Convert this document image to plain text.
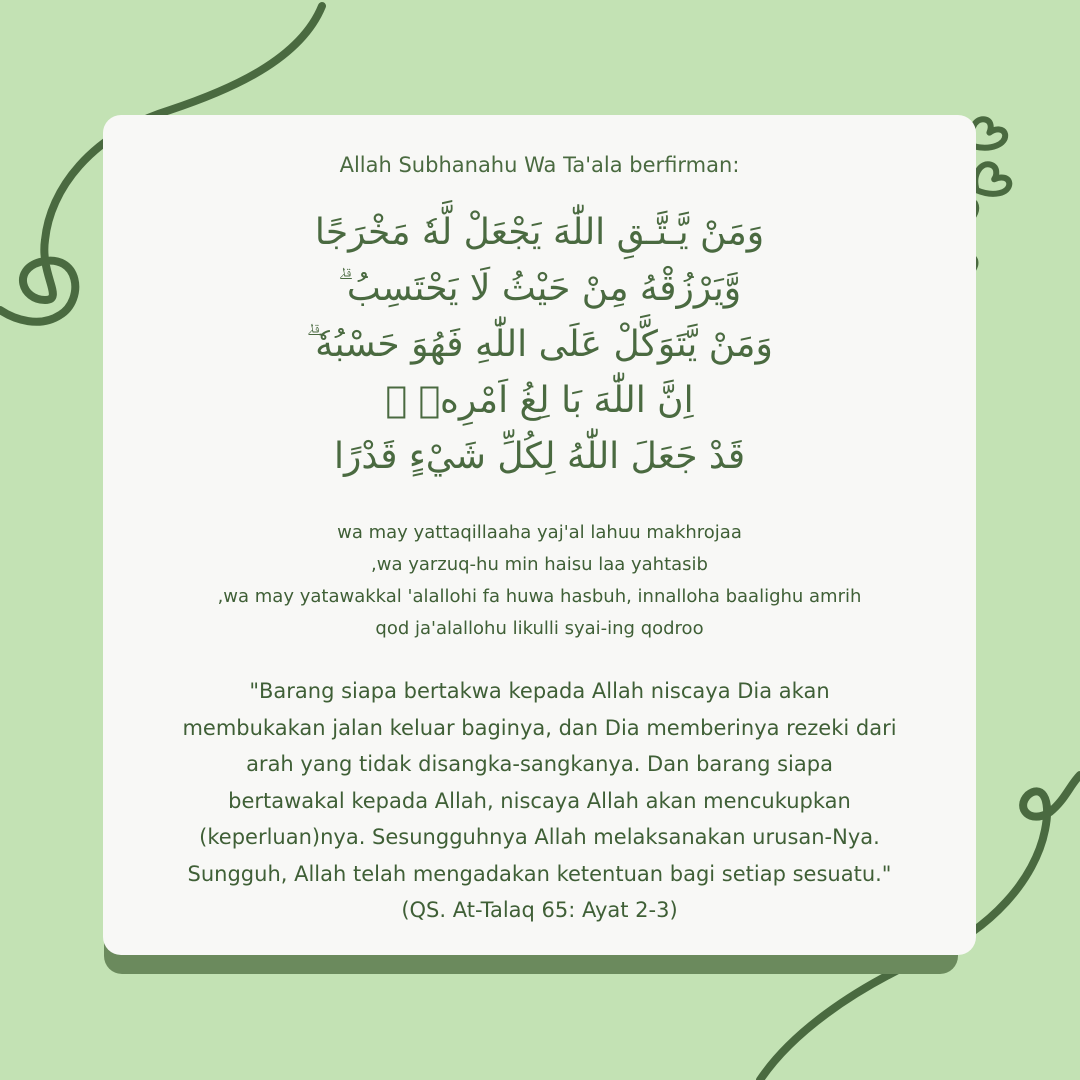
Allah Subhanahu Wa Ta'ala berfirman:
وَمَنْ يَّـتَّـقِ اللّٰهَ يَجْعَلْ لَّهٗ مَخْرَجًا
وَّيَرْزُقْهُ مِنْ حَيْثُ لَا يَحْتَسِبُ ۗ
وَمَنْ يَّتَوَكَّلْ عَلَى اللّٰهِ فَهُوَ حَسْبُهٗ ۗ
اِنَّ اللّٰهَ بَا لِغُ اَمْرِهٖ ۗ
قَدْ جَعَلَ اللّٰهُ لِكُلِّ شَيْءٍ قَدْرًا
wa may yattaqillaaha yaj'al lahuu makhrojaa
,wa yarzuq-hu min haisu laa yahtasib
,wa may yatawakkal 'alallohi fa huwa hasbuh, innalloha baalighu amrih
qod ja'alallohu likulli syai-ing qodroo
"Barang siapa bertakwa kepada Allah niscaya Dia akan
membukakan jalan keluar baginya, dan Dia memberinya rezeki dari
arah yang tidak disangka-sangkanya. Dan barang siapa
bertawakal kepada Allah, niscaya Allah akan mencukupkan
(keperluan)nya. Sesungguhnya Allah melaksanakan urusan-Nya.
Sungguh, Allah telah mengadakan ketentuan bagi setiap sesuatu."
(QS. At-Talaq 65: Ayat 2-3)
